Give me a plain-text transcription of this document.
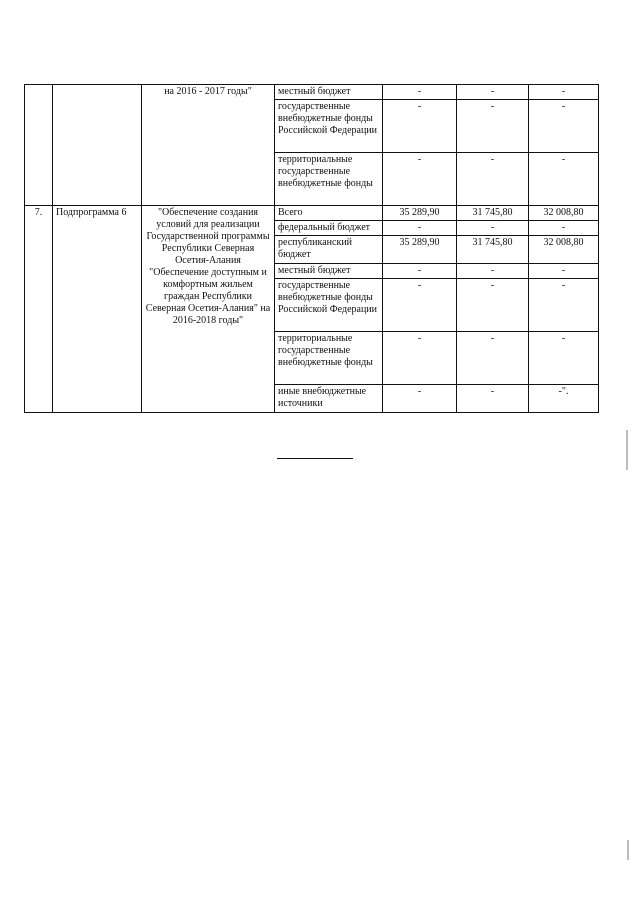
		на 2016 - 2017 годы"	местный бюджет	-	-	-
			государственные внебюджетные фонды Российской Федерации	-	-	-
			территориальные государственные внебюджетные фонды	-	-	-
7.	Подпрограмма 6	"Обеспечение создания условий для реализации Государственной программы Республики Северная Осетия-Алания "Обеспечение доступным и комфортным жильем граждан Республики Северная Осетия-Алания" на 2016-2018 годы"	Всего	35 289,90	31 745,80	32 008,80
			федеральный бюджет	-	-	-
			республиканский бюджет	35 289,90	31 745,80	32 008,80
			местный бюджет	-	-	-
			государственные внебюджетные фонды Российской Федерации	-	-	-
			территориальные государственные внебюджетные фонды	-	-	-
			иные внебюджетные источники	-	-	-".
